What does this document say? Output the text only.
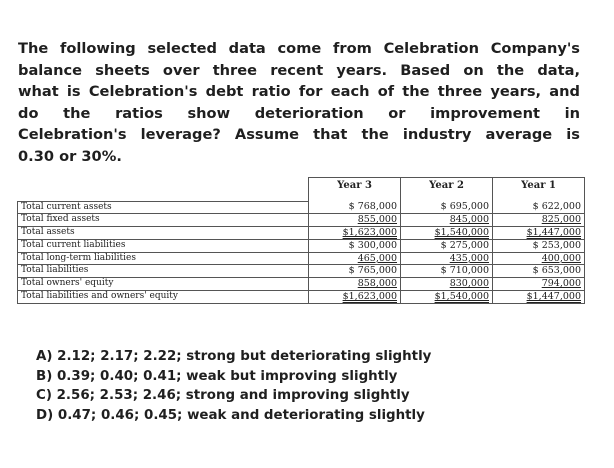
The following selected data come from Celebration Company's
balance sheets over three recent years. Based on the data,
what is Celebration's debt ratio for each of the three years, and
do the ratios show deterioration or improvement in
Celebration's leverage? Assume that the industry average is
0.30 or 30%.
	Year 3	Year 2	Year 1
Total current assets	$ 768,000	$ 695,000	$ 622,000
Total fixed assets	855,000	845,000	825,000
Total assets	$1,623,000	$1,540,000	$1,447,000
Total current liabilities	$ 300,000	$ 275,000	$ 253,000
Total long-term liabilities	465,000	435,000	400,000
Total liabilities	$ 765,000	$ 710,000	$ 653,000
Total owners' equity	858,000	830,000	794,000
Total liabilities and owners' equity	$1,623,000	$1,540,000	$1,447,000
A) 2.12; 2.17; 2.22; strong but deteriorating slightly
B) 0.39; 0.40; 0.41; weak but improving slightly
C) 2.56; 2.53; 2.46; strong and improving slightly
D) 0.47; 0.46; 0.45; weak and deteriorating slightly
